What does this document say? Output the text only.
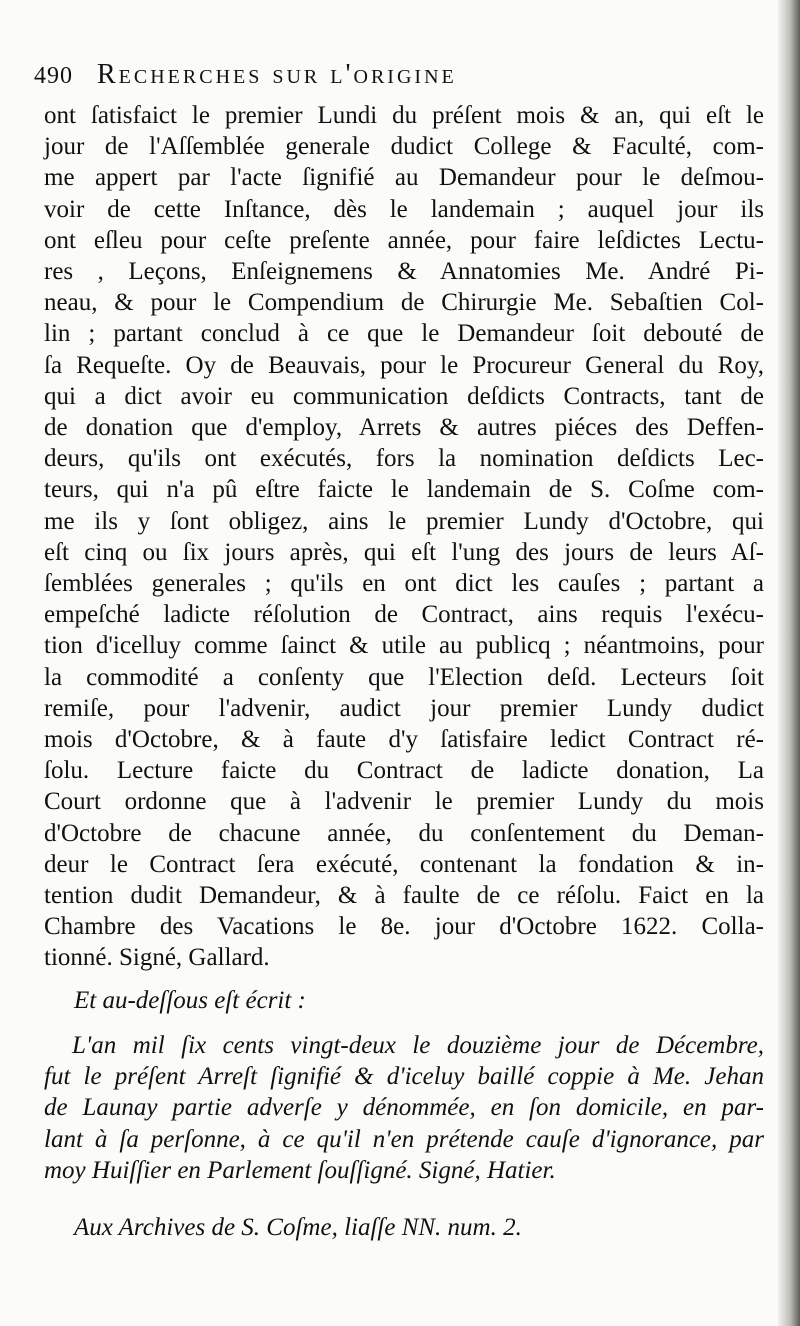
490 Recherches sur l'origine
ont ſatisfaict le premier Lundi du préſent mois & an, qui eſt le
jour de l'Aſſemblée generale dudict College & Faculté, com-
me appert par l'acte ſignifié au Demandeur pour le deſmou-
voir de cette Inſtance, dès le landemain ; auquel jour ils
ont eſleu pour ceſte preſente année, pour faire leſdictes Lectu-
res , Leçons, Enſeignemens & Annatomies Me. André Pi-
neau, & pour le Compendium de Chirurgie Me. Sebaſtien Col-
lin ; partant conclud à ce que le Demandeur ſoit debouté de
ſa Requeſte. Oy de Beauvais, pour le Procureur General du Roy,
qui a dict avoir eu communication deſdicts Contracts, tant de
de donation que d'employ, Arrets & autres piéces des Deffen-
deurs, qu'ils ont exécutés, fors la nomination deſdicts Lec-
teurs, qui n'a pû eſtre faicte le landemain de S. Coſme com-
me ils y ſont obligez, ains le premier Lundy d'Octobre, qui
eſt cinq ou ſix jours après, qui eſt l'ung des jours de leurs Aſ-
ſemblées generales ; qu'ils en ont dict les cauſes ; partant a
empeſché ladicte réſolution de Contract, ains requis l'exécu-
tion d'icelluy comme ſainct & utile au publicq ; néantmoins, pour
la commodité a conſenty que l'Election deſd. Lecteurs ſoit
remiſe, pour l'advenir, audict jour premier Lundy dudict
mois d'Octobre, & à faute d'y ſatisfaire ledict Contract ré-
ſolu. Lecture faicte du Contract de ladicte donation, La
Court ordonne que à l'advenir le premier Lundy du mois
d'Octobre de chacune année, du conſentement du Deman-
deur le Contract ſera exécuté, contenant la fondation & in-
tention dudit Demandeur, & à faulte de ce réſolu. Faict en la
Chambre des Vacations le 8e. jour d'Octobre 1622. Colla-
tionné. Signé, Gallard.
Et au-deſſous eſt écrit :
L'an mil ſix cents vingt-deux le douzième jour de Décembre,
fut le préſent Arreſt ſignifié & d'iceluy baillé coppie à Me. Jehan
de Launay partie adverſe y dénommée, en ſon domicile, en par-
lant à ſa perſonne, à ce qu'il n'en prétende cauſe d'ignorance, par
moy Huiſſier en Parlement ſouſſigné. Signé, Hatier.
Aux Archives de S. Coſme, liaſſe NN. num. 2.
